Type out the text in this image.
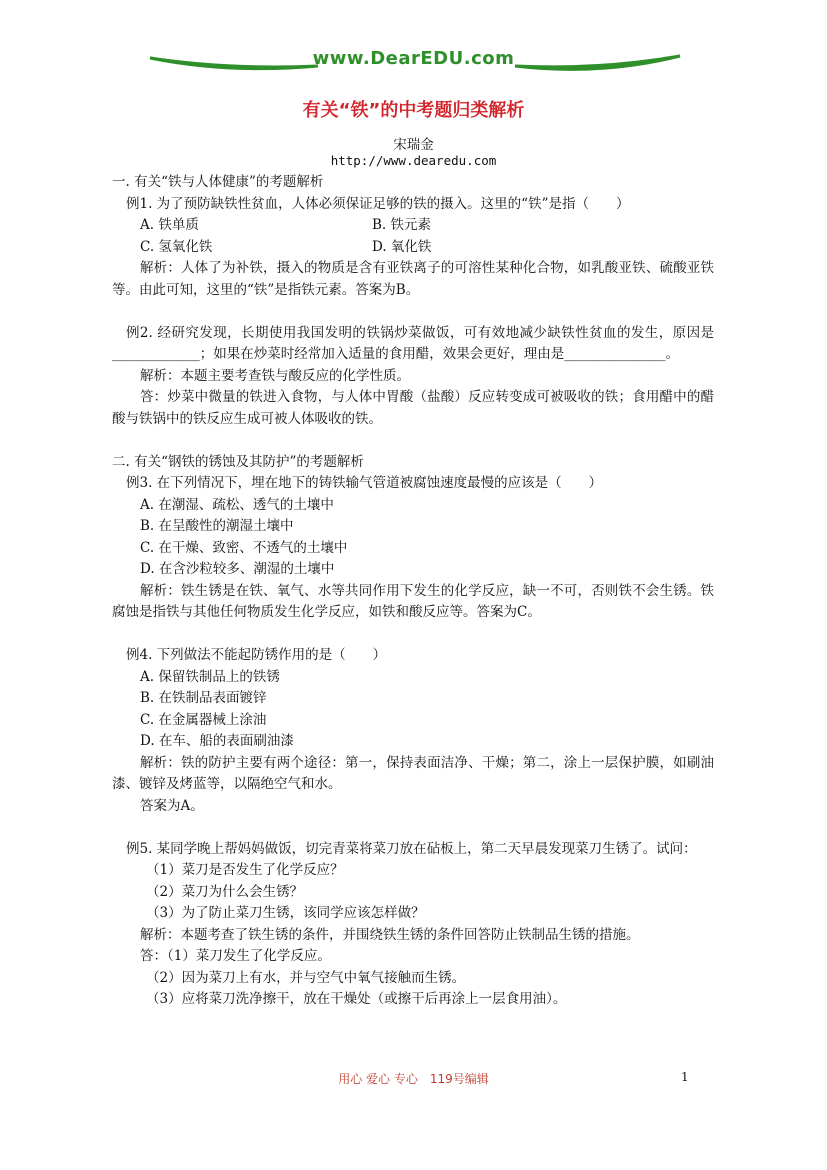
www.DearEDU.com
有关“铁”的中考题归类解析
宋瑞金
http://www.dearedu.com

一. 有关“铁与人体健康”的考题解析

例1. 为了预防缺铁性贫血，人体必须保证足够的铁的摄入。这里的“铁”是指（　　）

A. 铁单质	B. 铁元素
C. 氢氧化铁	D. 氧化铁

解析：人体了为补铁，摄入的物质是含有亚铁离子的可溶性某种化合物，如乳酸亚铁、硫酸亚铁等。由此可知，这里的“铁”是指铁元素。答案为B。

例2. 经研究发现，长期使用我国发明的铁锅炒菜做饭，可有效地减少缺铁性贫血的发生，原因是_____________；如果在炒菜时经常加入适量的食用醋，效果会更好，理由是_______________。

解析：本题主要考查铁与酸反应的化学性质。

答：炒菜中微量的铁进入食物，与人体中胃酸（盐酸）反应转变成可被吸收的铁；食用醋中的醋酸与铁锅中的铁反应生成可被人体吸收的铁。

二. 有关“钢铁的锈蚀及其防护”的考题解析

例3. 在下列情况下，埋在地下的铸铁输气管道被腐蚀速度最慢的应该是（　　）

A. 在潮湿、疏松、透气的土壤中

B. 在呈酸性的潮湿土壤中

C. 在干燥、致密、不透气的土壤中

D. 在含沙粒较多、潮湿的土壤中

解析：铁生锈是在铁、氧气、水等共同作用下发生的化学反应，缺一不可，否则铁不会生锈。铁腐蚀是指铁与其他任何物质发生化学反应，如铁和酸反应等。答案为C。

例4. 下列做法不能起防锈作用的是（　　）

A. 保留铁制品上的铁锈

B. 在铁制品表面镀锌

C. 在金属器械上涂油

D. 在车、船的表面刷油漆

解析：铁的防护主要有两个途径：第一，保持表面洁净、干燥；第二，涂上一层保护膜，如刷油漆、镀锌及烤蓝等，以隔绝空气和水。

答案为A。

例5. 某同学晚上帮妈妈做饭，切完青菜将菜刀放在砧板上，第二天早晨发现菜刀生锈了。试问：

（1）菜刀是否发生了化学反应？

（2）菜刀为什么会生锈？

（3）为了防止菜刀生锈，该同学应该怎样做？

解析：本题考查了铁生锈的条件，并围绕铁生锈的条件回答防止铁制品生锈的措施。

答：（1）菜刀发生了化学反应。

（2）因为菜刀上有水，并与空气中氧气接触而生锈。

（3）应将菜刀洗净擦干，放在干燥处（或擦干后再涂上一层食用油）。

用心 爱心 专心　119号编辑	1
